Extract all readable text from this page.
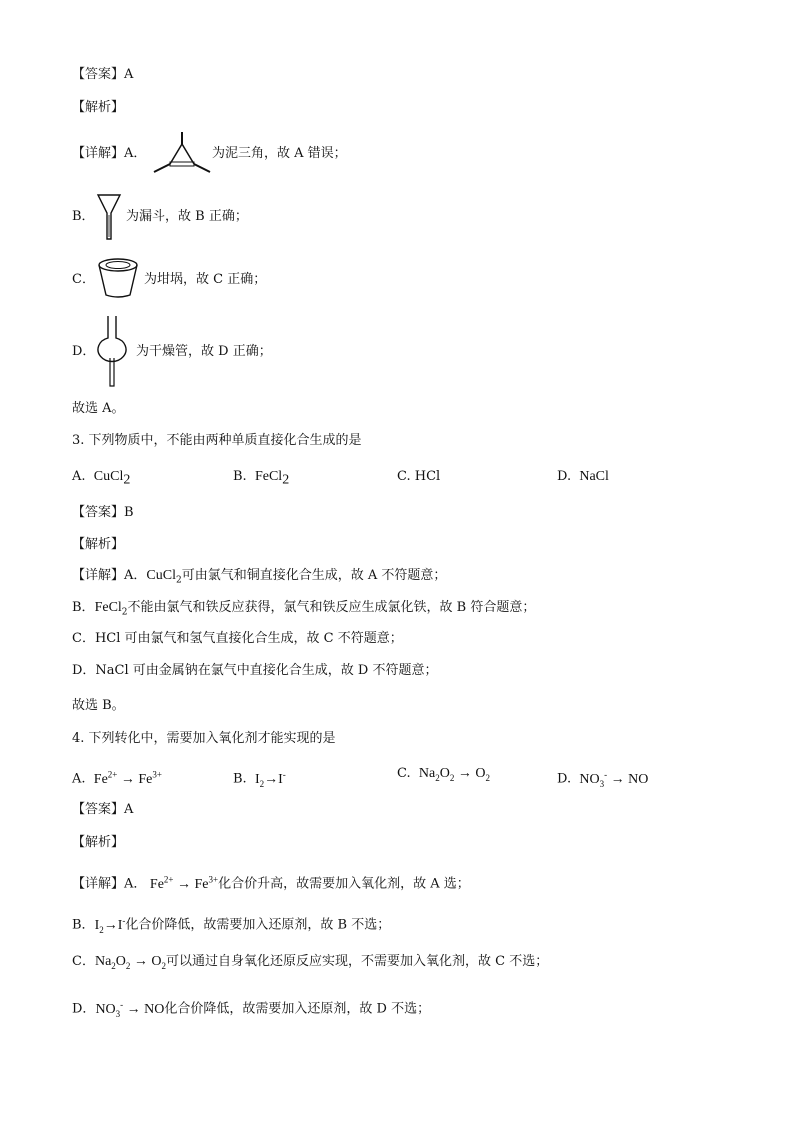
【答案】A
【解析】
【详解】A．	为泥三角，故 A 错误；
B． 为漏斗，故 B 正确；
C．	为坩埚，故 C 正确；
D．	为干燥管，故 D 正确；
故选 A。
3. 下列物质中，不能由两种单质直接化合生成的是
A. CuCl$_2$	B. FeCl$_2$	C. HCl	D. NaCl
【答案】B
【解析】
【详解】A．CuCl$_2$可由氯气和铜直接化合生成，故 A 不符题意；
B．FeCl$_2$不能由氯气和铁反应获得，氯气和铁反应生成氯化铁，故 B 符合题意；
C．HCl 可由氯气和氢气直接化合生成，故 C 不符题意；
D．NaCl 可由金属钠在氯气中直接化合生成，故 D 不符题意；
故选 B。
4. 下列转化中，需要加入氧化剂才能实现的是
A. $Fe^{2+} \to Fe^{3+}$	B. $I_2\to I^-$	C. $Na_2O_2 \to O_2$	D. $NO_3^-$ → NO
【答案】A
【解析】
【详解】A． $Fe^{2+} \to Fe^{3+}$化合价升高，故需要加入氧化剂，故 A 选；
B．$I_2\to I^-$化合价降低，故需要加入还原剂，故 B 不选；
C．$Na_2O_2 \to O_2$可以通过自身氧化还原反应实现，不需要加入氧化剂，故 C 不选；
D．$NO_3^-$ → NO化合价降低，故需要加入还原剂，故 D 不选；
